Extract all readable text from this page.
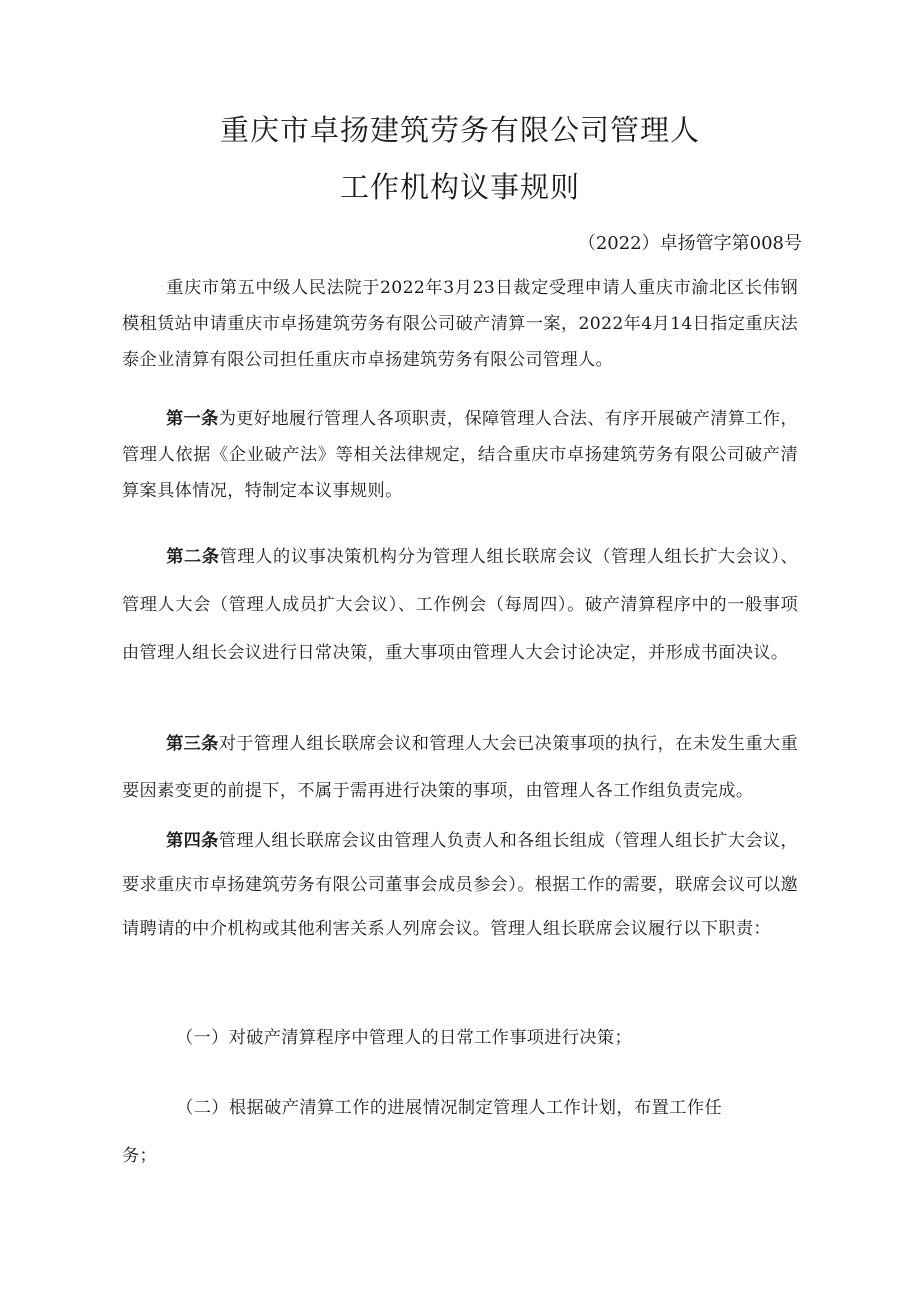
重庆市卓扬建筑劳务有限公司管理人
工作机构议事规则
（2022）卓扬管字第008号
重庆市第五中级人民法院于2022年3月23日裁定受理申请人重庆市渝北区长伟钢模租赁站申请重庆市卓扬建筑劳务有限公司破产清算一案，2022年4月14日指定重庆法泰企业清算有限公司担任重庆市卓扬建筑劳务有限公司管理人。
第一条为更好地履行管理人各项职责，保障管理人合法、有序开展破产清算工作，管理人依据《企业破产法》等相关法律规定，结合重庆市卓扬建筑劳务有限公司破产清算案具体情况，特制定本议事规则。
第二条管理人的议事决策机构分为管理人组长联席会议（管理人组长扩大会议）、管理人大会（管理人成员扩大会议）、工作例会（每周四）。破产清算程序中的一般事项由管理人组长会议进行日常决策，重大事项由管理人大会讨论决定，并形成书面决议。
第三条对于管理人组长联席会议和管理人大会已决策事项的执行，在未发生重大重要因素变更的前提下，不属于需再进行决策的事项，由管理人各工作组负责完成。
第四条管理人组长联席会议由管理人负责人和各组长组成（管理人组长扩大会议，要求重庆市卓扬建筑劳务有限公司董事会成员参会）。根据工作的需要，联席会议可以邀请聘请的中介机构或其他利害关系人列席会议。管理人组长联席会议履行以下职责：
（一）对破产清算程序中管理人的日常工作事项进行决策；
（二）根据破产清算工作的进展情况制定管理人工作计划，布置工作任务；
